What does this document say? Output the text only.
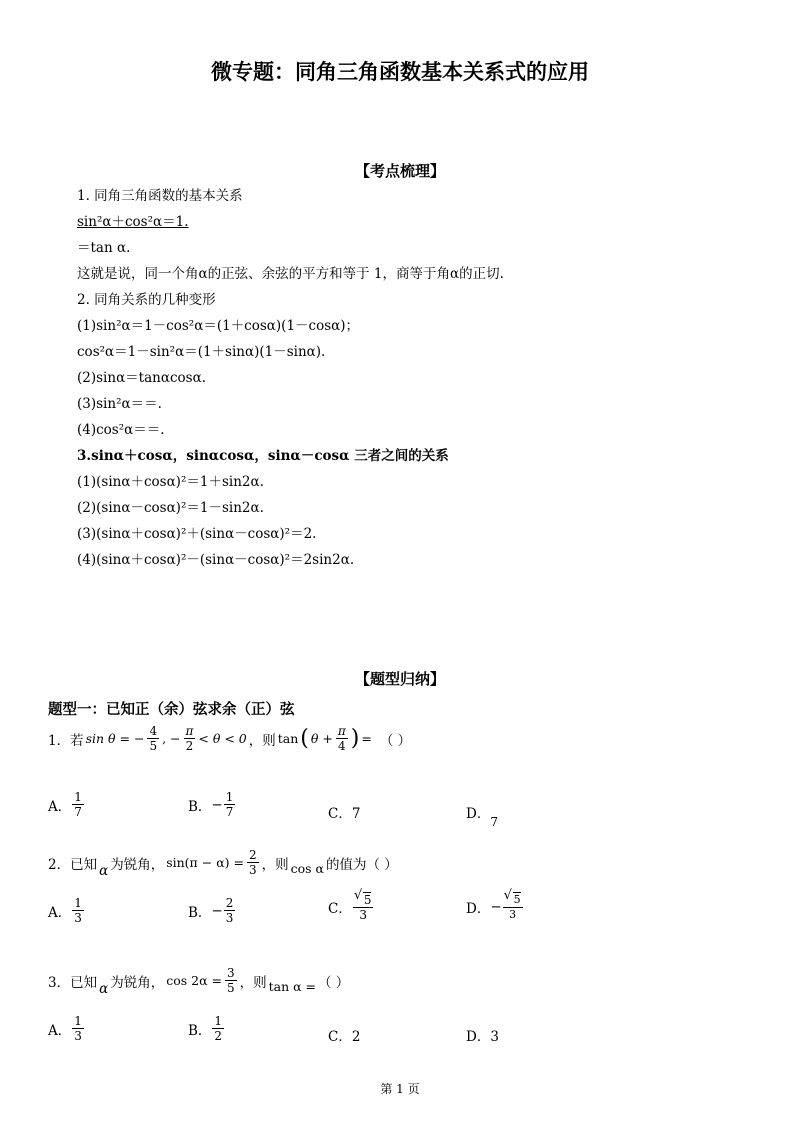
微专题：同角三角函数基本关系式的应用
【考点梳理】
1. 同角三角函数的基本关系
sin²α＋cos²α＝1.
＝tan α.
这就是说，同一个角α的正弦、余弦的平方和等于 1，商等于角α的正切.
2. 同角关系的几种变形
(1)sin²α＝1－cos²α＝(1＋cosα)(1－cosα)；
cos²α＝1－sin²α＝(1＋sinα)(1－sinα).
(2)sinα＝tanαcosα.
(3)sin²α＝＝.
(4)cos²α＝＝.
3.sinα＋cosα，sinαcosα，sinα－cosα 三者之间的关系
(1)(sinα＋cosα)²＝1＋sin2α.
(2)(sinα－cosα)²＝1－sin2α.
(3)(sinα＋cosα)²＋(sinα－cosα)²＝2.
(4)(sinα＋cosα)²－(sinα－cosα)²＝2sin2α.
【题型归纳】
题型一：已知正（余）弦求余（正）弦
1．若 sin θ = − $\frac{4}{5}$ , − $\frac{\pi}{2} < \theta < 0$ ，则 tan ( $\theta + \frac{\pi}{4}$ ) = （ ）
A． $\frac{1}{7}$	B． − $\frac{1}{7}$	C．7	D．7
2．已知 α 为锐角， $\sin(\pi - \alpha) = \frac{2}{3}$ ，则 cos α 的值为（ ）
A． $\frac{1}{3}$	B． − $\frac{2}{3}$	C． √ $\frac{5}{3}$	D． − √ $\frac{5}{3}$
3．已知 α 为锐角， $\cos 2\alpha = \frac{3}{5}$ ，则 tan α = （ ）
A． $\frac{1}{3}$	B． $\frac{1}{2}$	C．2	D．3
第 1 页
